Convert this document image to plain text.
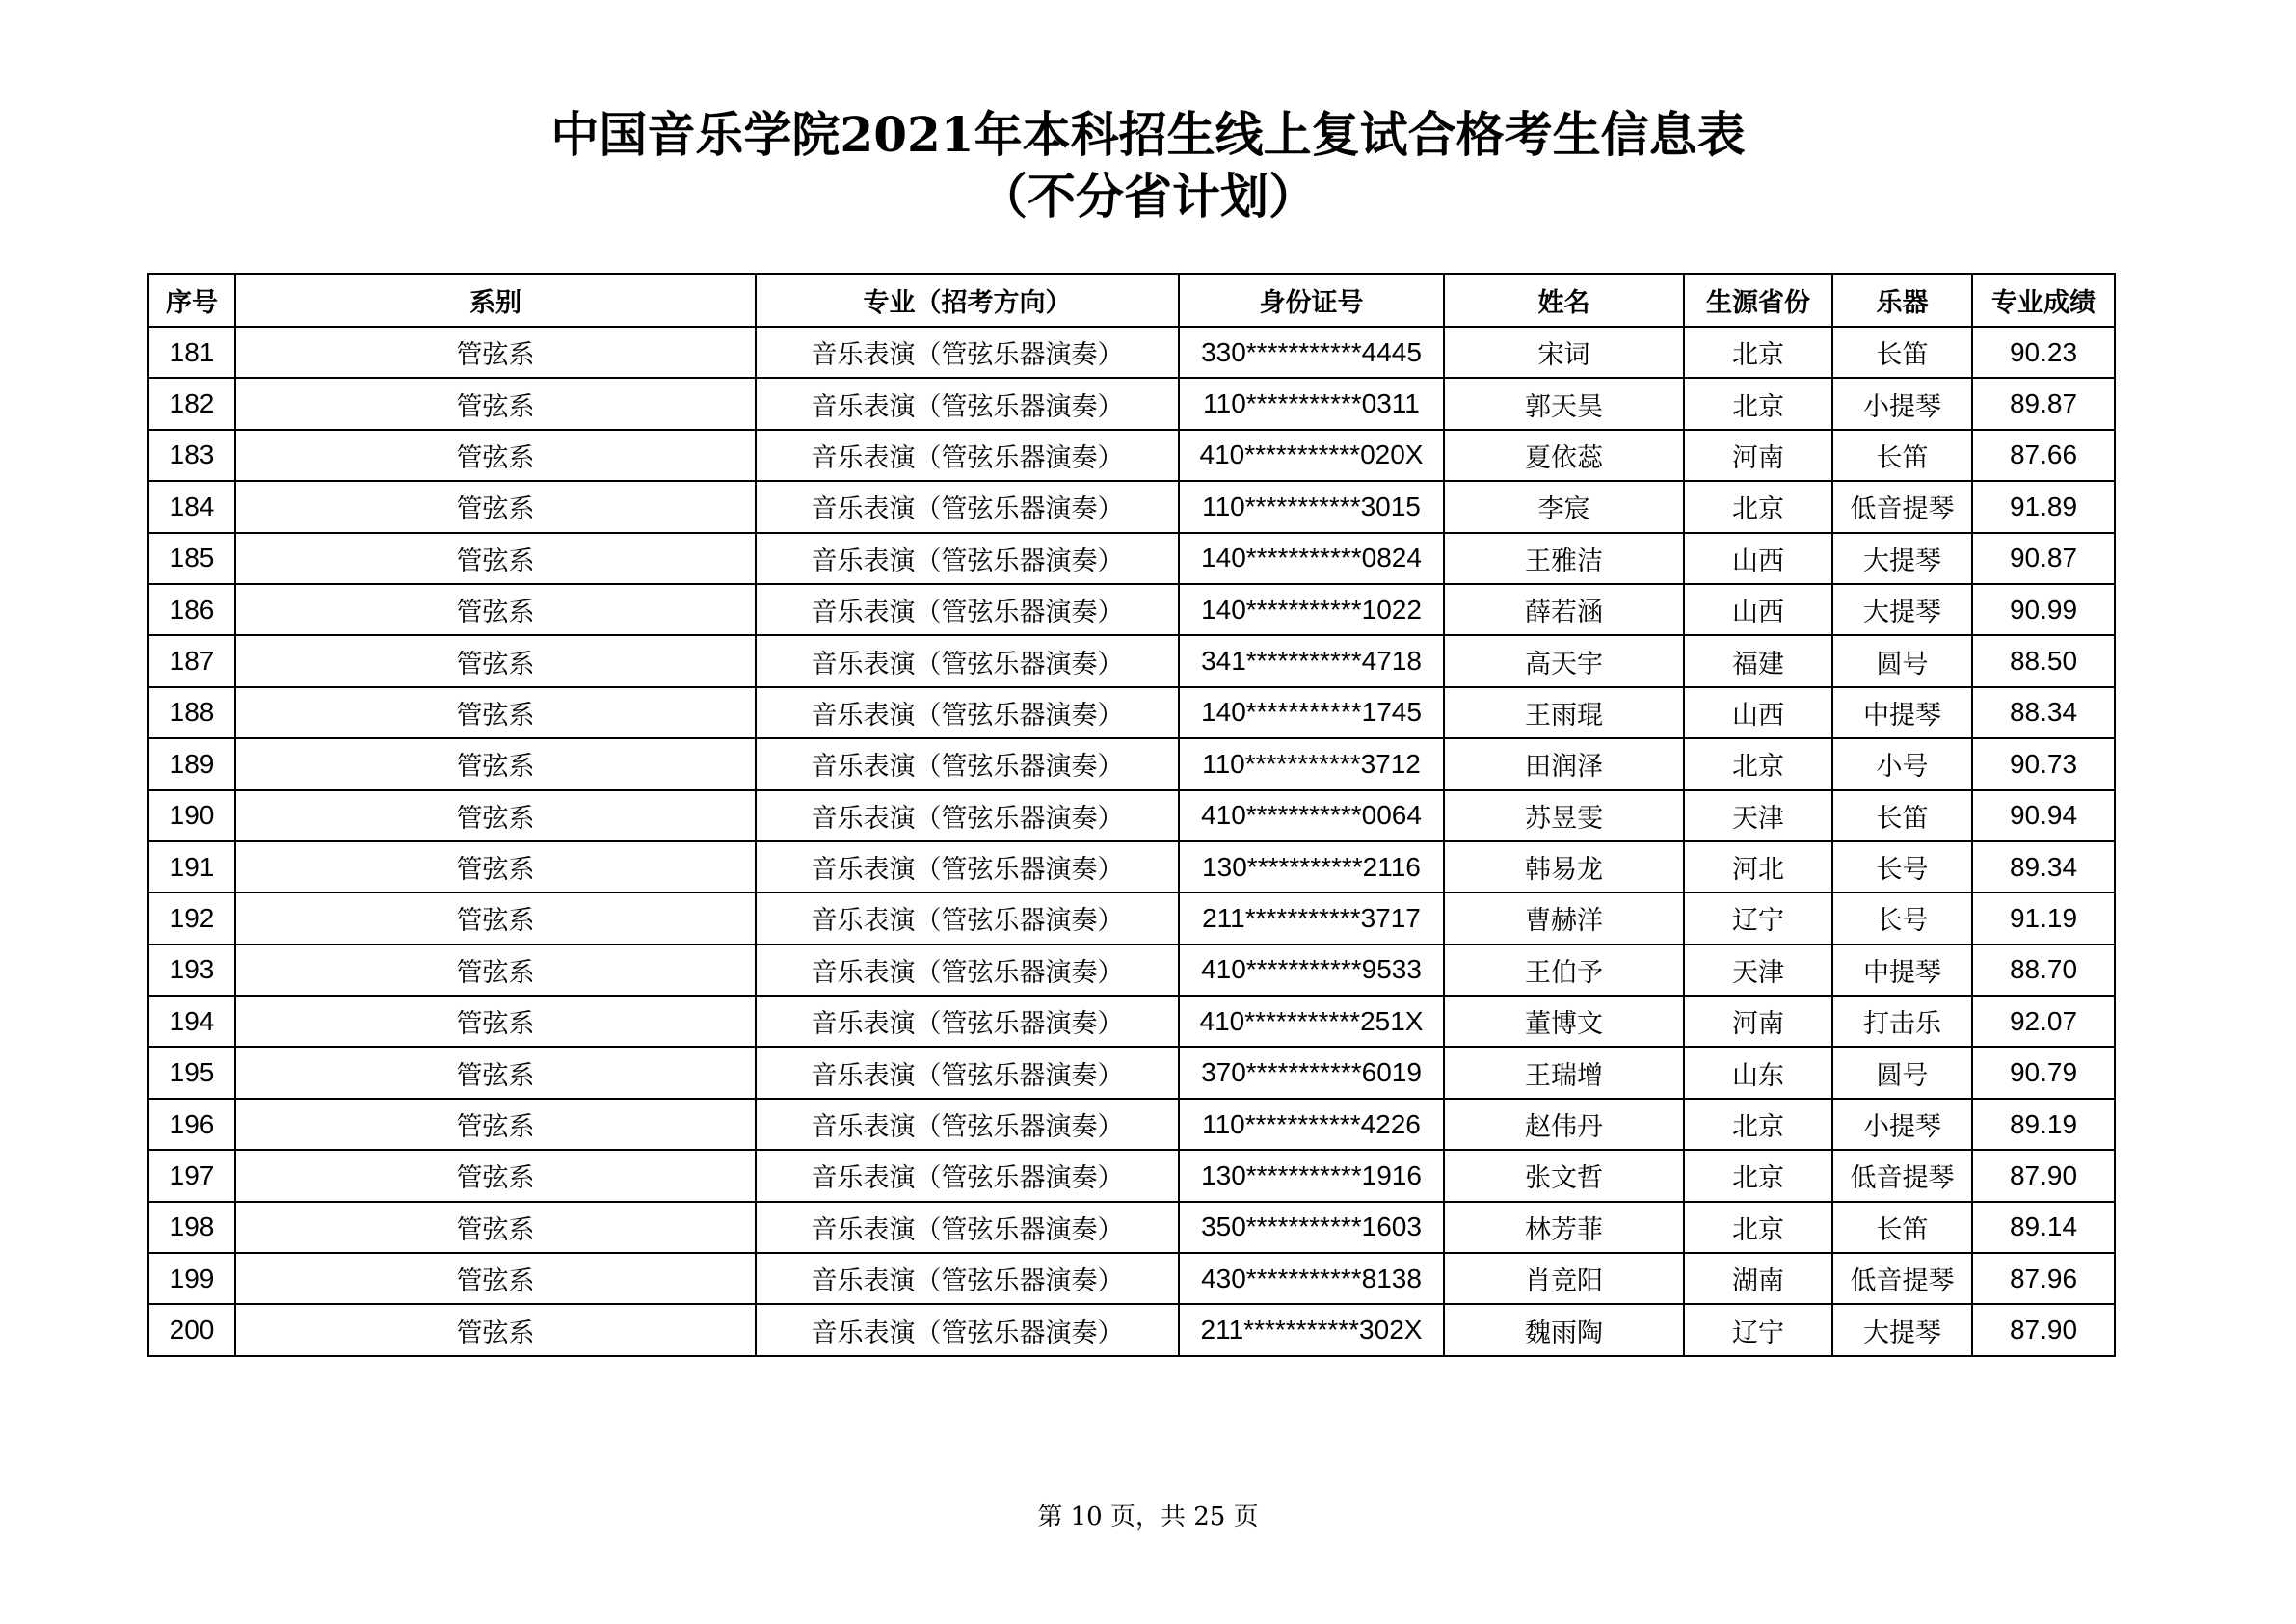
中国音乐学院2021年本科招生线上复试合格考生信息表
（不分省计划）
序号	系别	专业（招考方向）	身份证号	姓名	生源省份	乐器	专业成绩
181	管弦系	音乐表演（管弦乐器演奏）	330***********4445	宋词	北京	长笛	90.23
182	管弦系	音乐表演（管弦乐器演奏）	110***********0311	郭天昊	北京	小提琴	89.87
183	管弦系	音乐表演（管弦乐器演奏）	410***********020X	夏依蕊	河南	长笛	87.66
184	管弦系	音乐表演（管弦乐器演奏）	110***********3015	李宸	北京	低音提琴	91.89
185	管弦系	音乐表演（管弦乐器演奏）	140***********0824	王雅洁	山西	大提琴	90.87
186	管弦系	音乐表演（管弦乐器演奏）	140***********1022	薛若涵	山西	大提琴	90.99
187	管弦系	音乐表演（管弦乐器演奏）	341***********4718	高天宇	福建	圆号	88.50
188	管弦系	音乐表演（管弦乐器演奏）	140***********1745	王雨琨	山西	中提琴	88.34
189	管弦系	音乐表演（管弦乐器演奏）	110***********3712	田润泽	北京	小号	90.73
190	管弦系	音乐表演（管弦乐器演奏）	410***********0064	苏昱雯	天津	长笛	90.94
191	管弦系	音乐表演（管弦乐器演奏）	130***********2116	韩易龙	河北	长号	89.34
192	管弦系	音乐表演（管弦乐器演奏）	211***********3717	曹赫洋	辽宁	长号	91.19
193	管弦系	音乐表演（管弦乐器演奏）	410***********9533	王伯予	天津	中提琴	88.70
194	管弦系	音乐表演（管弦乐器演奏）	410***********251X	董博文	河南	打击乐	92.07
195	管弦系	音乐表演（管弦乐器演奏）	370***********6019	王瑞增	山东	圆号	90.79
196	管弦系	音乐表演（管弦乐器演奏）	110***********4226	赵伟丹	北京	小提琴	89.19
197	管弦系	音乐表演（管弦乐器演奏）	130***********1916	张文哲	北京	低音提琴	87.90
198	管弦系	音乐表演（管弦乐器演奏）	350***********1603	林芳菲	北京	长笛	89.14
199	管弦系	音乐表演（管弦乐器演奏）	430***********8138	肖竞阳	湖南	低音提琴	87.96
200	管弦系	音乐表演（管弦乐器演奏）	211***********302X	魏雨陶	辽宁	大提琴	87.90
第 10 页，共 25 页
